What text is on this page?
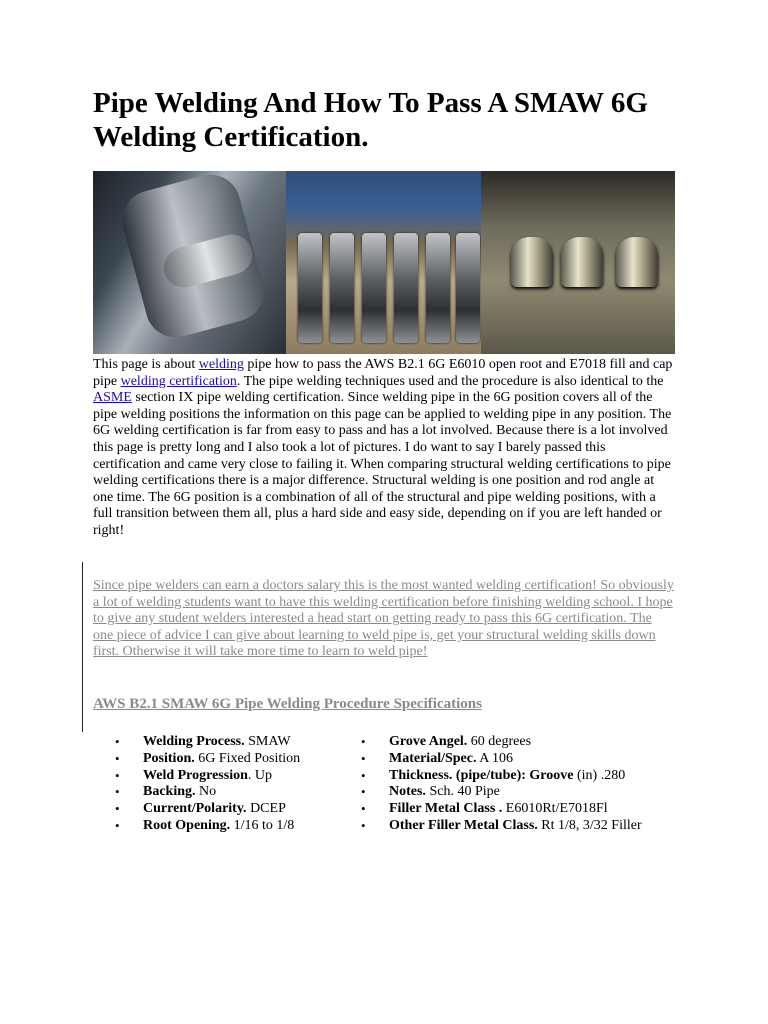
Pipe Welding And How To Pass A SMAW 6G Welding Certification.

This page is about welding pipe how to pass the AWS B2.1 6G E6010 open root and E7018 fill and cap pipe welding certification. The pipe welding techniques used and the procedure is also identical to the ASME section IX pipe welding certification. Since welding pipe in the 6G position covers all of the pipe welding positions the information on this page can be applied to welding pipe in any position. The 6G welding certification is far from easy to pass and has a lot involved. Because there is a lot involved this page is pretty long and I also took a lot of pictures. I do want to say I barely passed this certification and came very close to failing it. When comparing structural welding certifications to pipe welding certifications there is a major difference. Structural welding is one position and rod angle at one time. The 6G position is a combination of all of the structural and pipe welding positions, with a full transition between them all, plus a hard side and easy side, depending on if you are left handed or right!

Since pipe welders can earn a doctors salary this is the most wanted welding certification! So obviously a lot of welding students want to have this welding certification before finishing welding school. I hope to give any student welders interested a head start on getting ready to pass this 6G certification. The one piece of advice I can give about learning to weld pipe is, get your structural welding skills down first. Otherwise it will take more time to learn to weld pipe!

AWS B2.1 SMAW 6G Pipe Welding Procedure Specifications
• Welding Process. SMAW
• Position. 6G Fixed Position
• Weld Progression. Up
• Backing. No
• Current/Polarity. DCEP
• Root Opening. 1/16 to 1/8
• Grove Angel. 60 degrees
• Material/Spec. A 106
• Thickness. (pipe/tube): Groove (in) .280
• Notes. Sch. 40 Pipe
• Filler Metal Class . E6010Rt/E7018Fl
• Other Filler Metal Class. Rt 1/8, 3/32 Filler
